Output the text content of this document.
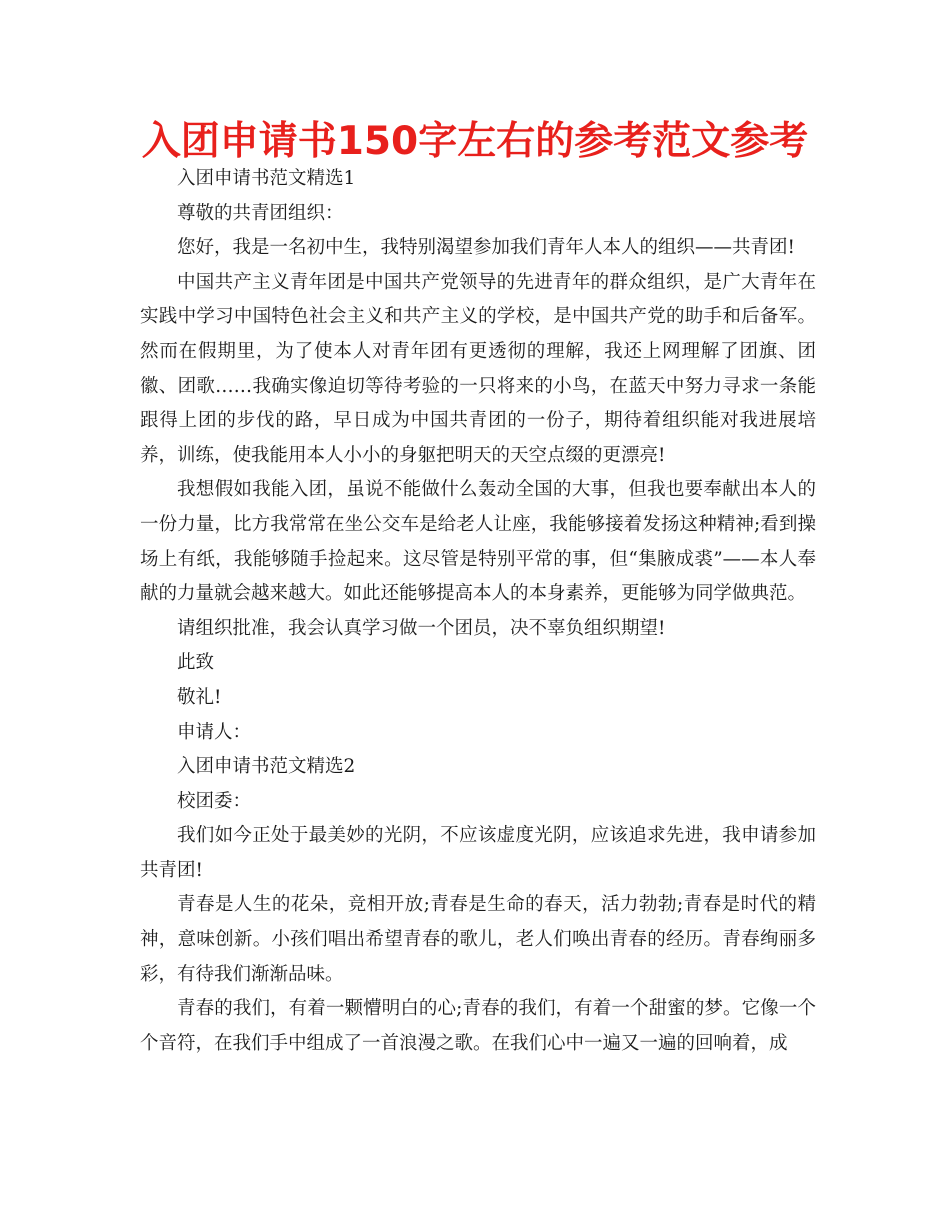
入团申请书150字左右的参考范文参考

入团申请书范文精选1

尊敬的共青团组织：

您好，我是一名初中生，我特别渴望参加我们青年人本人的组织——共青团!

中国共产主义青年团是中国共产党领导的先进青年的群众组织，是广大青年在实践中学习中国特色社会主义和共产主义的学校，是中国共产党的助手和后备军。然而在假期里，为了使本人对青年团有更透彻的理解，我还上网理解了团旗、团徽、团歌……我确实像迫切等待考验的一只将来的小鸟，在蓝天中努力寻求一条能跟得上团的步伐的路，早日成为中国共青团的一份子，期待着组织能对我进展培养，训练，使我能用本人小小的身躯把明天的天空点缀的更漂亮!

我想假如我能入团，虽说不能做什么轰动全国的大事，但我也要奉献出本人的一份力量，比方我常常在坐公交车是给老人让座，我能够接着发扬这种精神;看到操场上有纸，我能够随手捡起来。这尽管是特别平常的事，但“集腋成裘”——本人奉献的力量就会越来越大。如此还能够提高本人的本身素养，更能够为同学做典范。

请组织批准，我会认真学习做一个团员，决不辜负组织期望!

此致

敬礼!

申请人：

入团申请书范文精选2

校团委：

我们如今正处于最美妙的光阴，不应该虚度光阴，应该追求先进，我申请参加共青团!

青春是人生的花朵，竞相开放;青春是生命的春天，活力勃勃;青春是时代的精神，意味创新。小孩们唱出希望青春的歌儿，老人们唤出青春的经历。青春绚丽多彩，有待我们渐渐品味。

青春的我们，有着一颗懵明白的心;青春的我们，有着一个甜蜜的梦。它像一个个音符，在我们手中组成了一首浪漫之歌。在我们心中一遍又一遍的回响着，成
